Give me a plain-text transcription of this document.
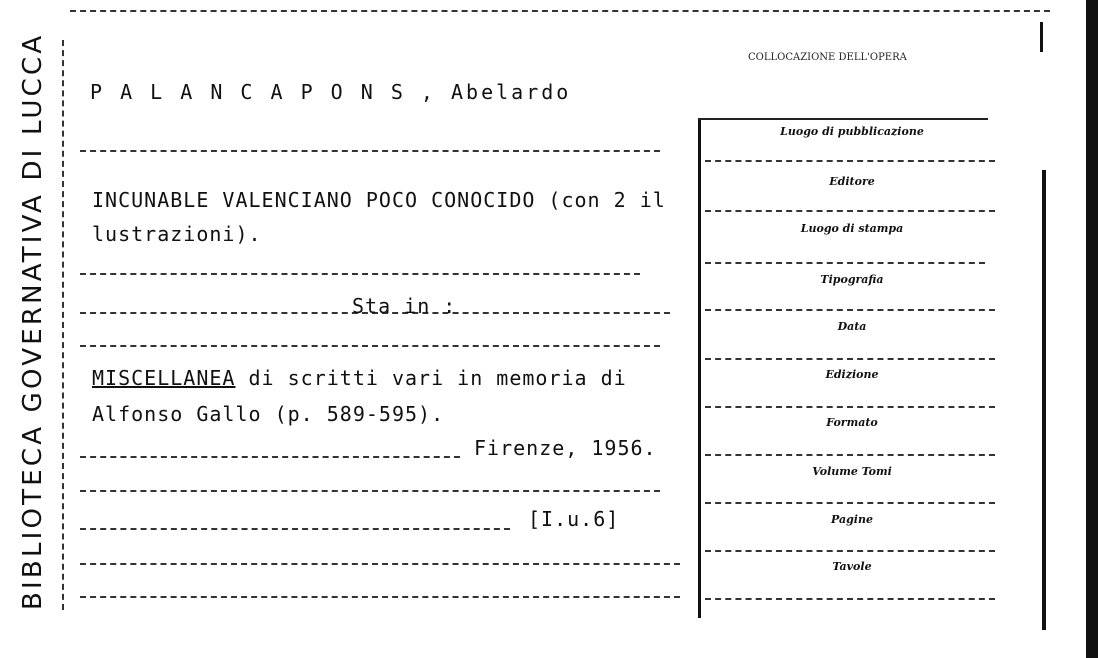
BIBLIOTECA GOVERNATIVA DI LUCCA P A L A N C A P O N S , Abelardo
INCUNABLE VALENCIANO POCO CONOCIDO (con 2 il
lustrazioni).
Sta in :
MISCELLANEA di scritti vari in memoria di
Alfonso Gallo (p. 589-595).
Firenze, 1956.
[I.u.6]
COLLOCAZIONE DELL'OPERA
Luogo di pubblicazione
Editore
Luogo di stampa
Tipografia
Data
Edizione
Formato
Volume Tomi
Pagine
Tavole
